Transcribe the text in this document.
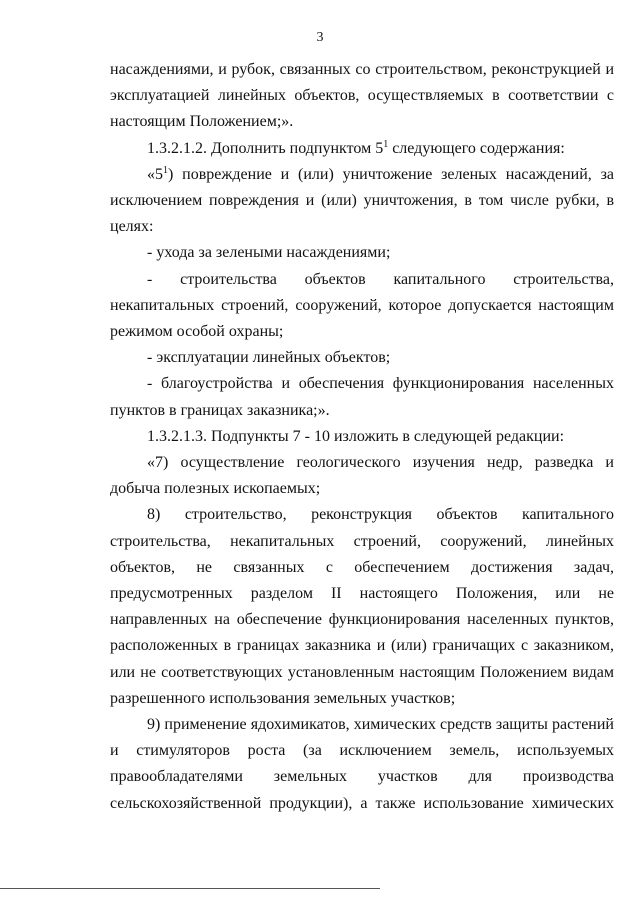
3

насаждениями, и рубок, связанных со строительством, реконструкцией и эксплуатацией линейных объектов, осуществляемых в соответствии с настоящим Положением;».

1.3.2.1.2. Дополнить подпунктом $5^1$ следующего содержания:

«$5^1$) повреждение и (или) уничтожение зеленых насаждений, за исключением повреждения и (или) уничтожения, в том числе рубки, в целях:

- ухода за зелеными насаждениями;

- строительства объектов капитального строительства, некапитальных строений, сооружений, которое допускается настоящим режимом особой охраны;

- эксплуатации линейных объектов;

- благоустройства и обеспечения функционирования населенных пунктов в границах заказника;».

1.3.2.1.3. Подпункты 7 - 10 изложить в следующей редакции:

«7) осуществление геологического изучения недр, разведка и добыча полезных ископаемых;

8) строительство, реконструкция объектов капитального строительства, некапитальных строений, сооружений, линейных объектов, не связанных с обеспечением достижения задач, предусмотренных разделом II настоящего Положения, или не направленных на обеспечение функционирования населенных пунктов, расположенных в границах заказника и (или) граничащих с заказником, или не соответствующих установленным настоящим Положением видам разрешенного использования земельных участков;

9) применение ядохимикатов, химических средств защиты растений и стимуляторов роста (за исключением земель, используемых правообладателями земельных участков для производства сельскохозяйственной продукции), а также использование химических
